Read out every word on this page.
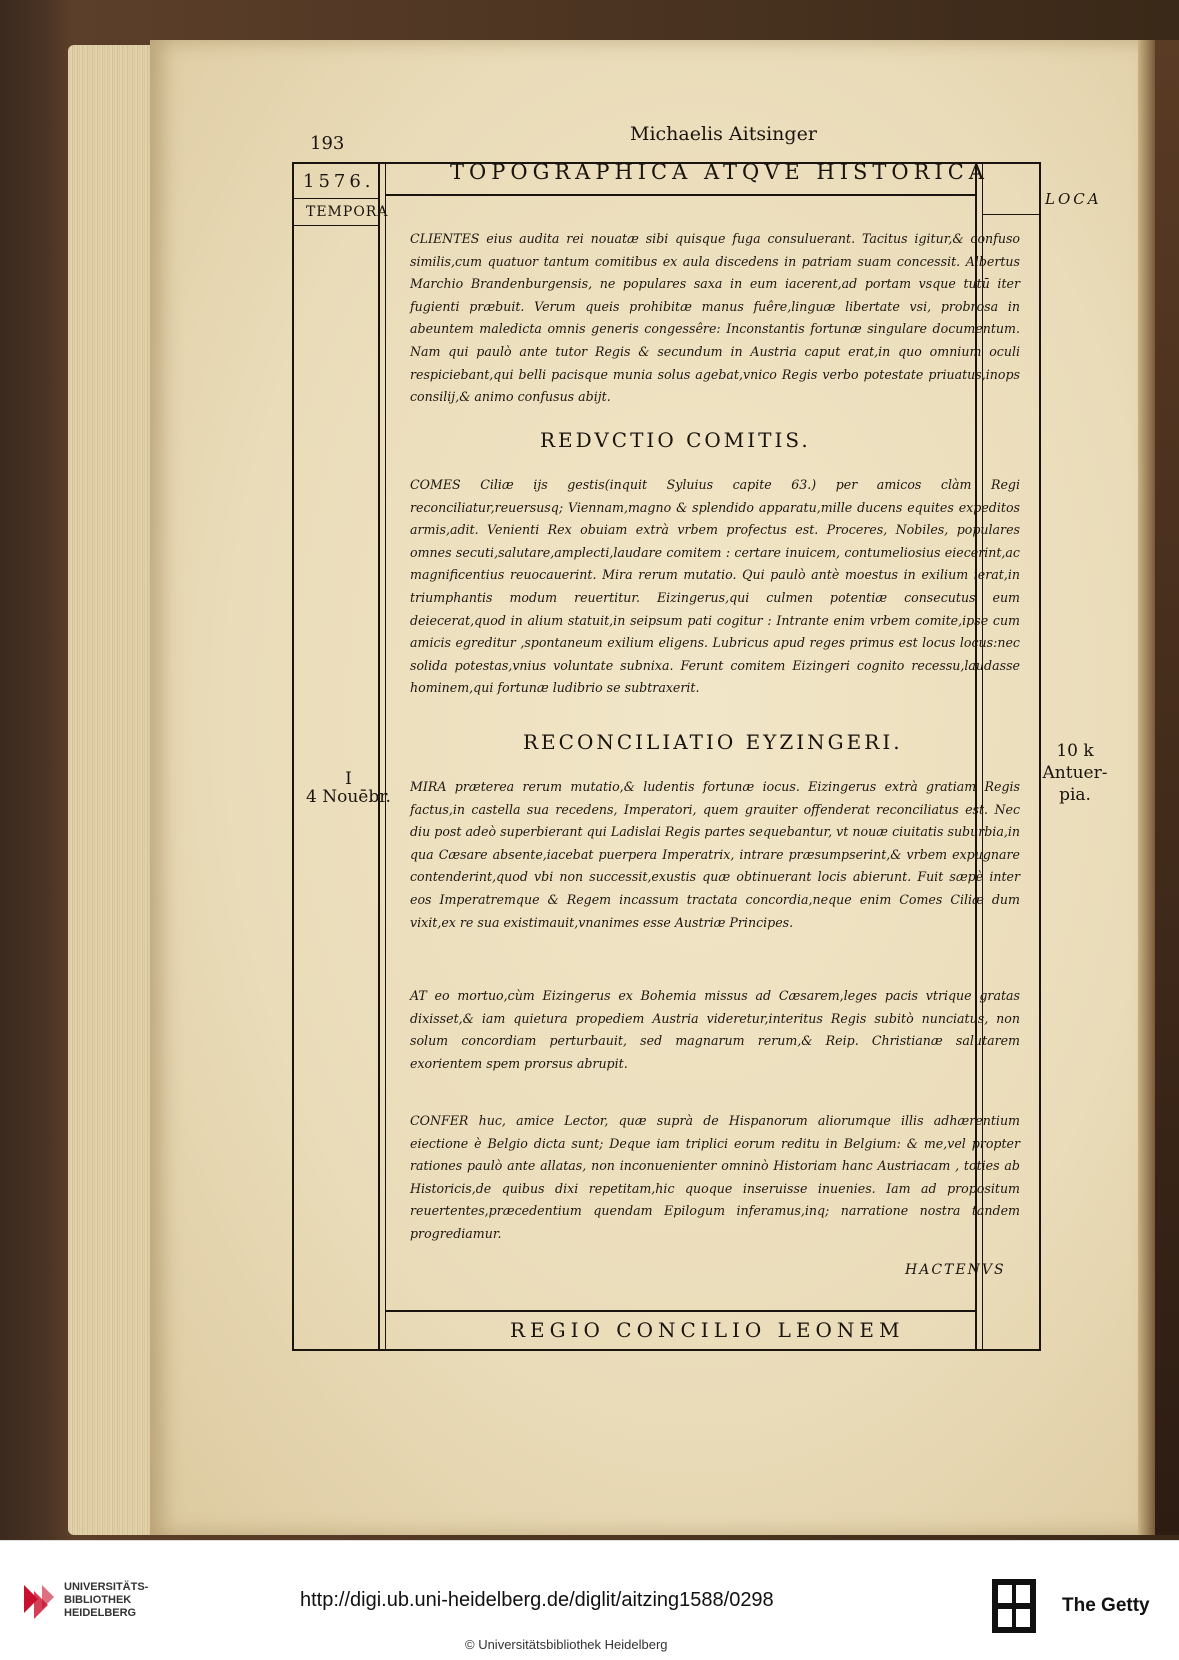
193	Michaelis Aitsinger
1576.
TEMPORA
LOCA
TOPOGRAPHICA ATQVE HISTORICA
CLIENTES eius audita rei nouatæ sibi quisque fuga consuluerant. Tacitus igitur,& confuso similis,cum quatuor tantum comitibus ex aula discedens in patriam suam concessit. Albertus Marchio Brandenburgensis, ne populares saxa in eum iacerent,ad portam vsque tutū iter fugienti præbuit. Verum queis prohibitæ manus fuêre,linguæ libertate vsi, probrosa in abeuntem maledicta omnis generis congessêre: Inconstantis fortunæ singulare documentum. Nam qui paulò ante tutor Regis & secundum in Austria caput erat,in quo omnium oculi respiciebant,qui belli pacisque munia solus agebat,vnico Regis verbo potestate priuatus,inops consilij,& animo confusus abijt.
REDVCTIO COMITIS.
COMES Ciliæ ijs gestis(inquit Syluius capite 63.) per amicos clàm Regi reconciliatur,reuersusq; Viennam,magno & splendido apparatu,mille ducens equites expeditos armis,adit. Venienti Rex obuiam extrà vrbem profectus est. Proceres, Nobiles, populares omnes secuti,salutare,amplecti,laudare comitem : certare inuicem, contumeliosius eiecerint,ac magnificentius reuocauerint. Mira rerum mutatio. Qui paulò antè moestus in exilium ierat,in triumphantis modum reuertitur. Eizingerus,qui culmen potentiæ consecutus eum deiecerat,quod in alium statuit,in seipsum pati cogitur : Intrante enim vrbem comite,ipse cum amicis egreditur ,spontaneum exilium eligens. Lubricus apud reges primus est locus locus:nec solida potestas,vnius voluntate subnixa. Ferunt comitem Eizingeri cognito recessu,laudasse hominem,qui fortunæ ludibrio se subtraxerit.
RECONCILIATIO EYZINGERI.
MIRA præterea rerum mutatio,& ludentis fortunæ iocus. Eizingerus extrà gratiam Regis factus,in castella sua recedens, Imperatori, quem grauiter offenderat reconciliatus est. Nec diu post adeò superbierant qui Ladislai Regis partes sequebantur, vt nouæ ciuitatis suburbia,in qua Cæsare absente,iacebat puerpera Imperatrix, intrare præsumpserint,& vrbem expugnare contenderint,quod vbi non successit,exustis quæ obtinuerant locis abierunt. Fuit sæpè inter eos Imperatremque & Regem incassum tractata concordia,neque enim Comes Ciliæ dum vixit,ex re sua existimauit,vnanimes esse Austriæ Principes.
AT eo mortuo,cùm Eizingerus ex Bohemia missus ad Cæsarem,leges pacis vtrique gratas dixisset,& iam quietura propediem Austria videretur,interitus Regis subitò nunciatus, non solum concordiam perturbauit, sed magnarum rerum,& Reip. Christianæ salutarem exorientem spem prorsus abrupit.
CONFER huc, amice Lector, quæ suprà de Hispanorum aliorumque illis adhærentium eiectione è Belgio dicta sunt; Deque iam triplici eorum reditu in Belgium: & me,vel propter rationes paulò ante allatas, non inconuenienter omninò Historiam hanc Austriacam , toties ab Historicis,de quibus dixi repetitam,hic quoque inseruisse inuenies. Iam ad propositum reuertentes,præcedentium quendam Epilogum inferamus,inq; narratione nostra tandem progrediamur.
I
4 Nouēbr.
10 k
Antuer-pia.
HACTENVS
REGIO CONCILIO LEONEM
UNIVERSITÄTS-
BIBLIOTHEK
HEIDELBERG
http://digi.ub.uni-heidelberg.de/diglit/aitzing1588/0298
© Universitätsbibliothek Heidelberg
The Getty
